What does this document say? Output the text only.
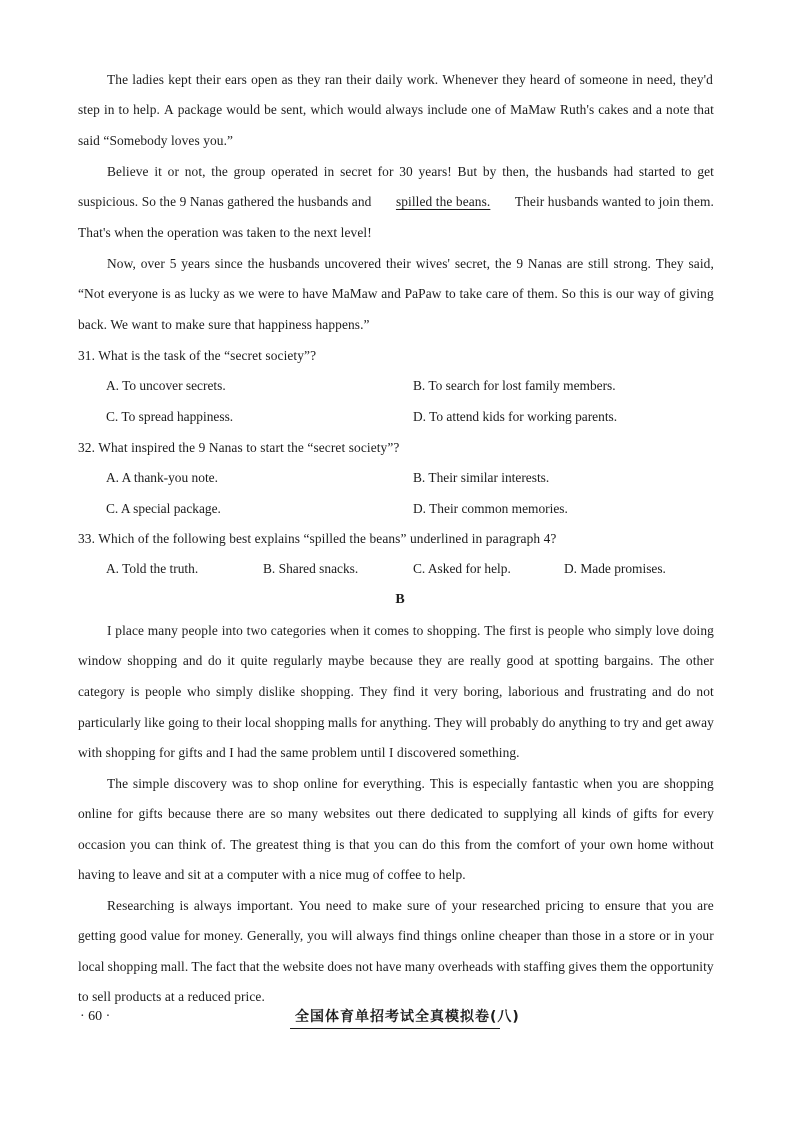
The ladies kept their ears open as they ran their daily work. Whenever they heard of someone in need, they'd
step in to help. A package would be sent, which would always include one of MaMaw Ruth's cakes and a note that
said “Somebody loves you.”
Believe it or not, the group operated in secret for 30 years! But by then, the husbands had started to get
suspicious. So the 9 Nanas gathered the husbands and spilled the beans. Their husbands wanted to join them.
That's when the operation was taken to the next level!
Now, over 5 years since the husbands uncovered their wives' secret, the 9 Nanas are still strong. They said,
“Not everyone is as lucky as we were to have MaMaw and PaPaw to take care of them. So this is our way of giving
back. We want to make sure that happiness happens.”
31. What is the task of the “secret society”?
A. To uncover secrets.	B. To search for lost family members.
C. To spread happiness.	D. To attend kids for working parents.
32. What inspired the 9 Nanas to start the “secret society”?
A. A thank-you note.	B. Their similar interests.
C. A special package.	D. Their common memories.
33. Which of the following best explains “spilled the beans” underlined in paragraph 4?
A. Told the truth.	B. Shared snacks.	C. Asked for help.	D. Made promises.
B
I place many people into two categories when it comes to shopping. The first is people who simply love doing
window shopping and do it quite regularly maybe because they are really good at spotting bargains. The other
category is people who simply dislike shopping. They find it very boring, laborious and frustrating and do not
particularly like going to their local shopping malls for anything. They will probably do anything to try and get away
with shopping for gifts and I had the same problem until I discovered something.
The simple discovery was to shop online for everything. This is especially fantastic when you are shopping
online for gifts because there are so many websites out there dedicated to supplying all kinds of gifts for every
occasion you can think of. The greatest thing is that you can do this from the comfort of your own home without
having to leave and sit at a computer with a nice mug of coffee to help.
Researching is always important. You need to make sure of your researched pricing to ensure that you are
getting good value for money. Generally, you will always find things online cheaper than those in a store or in your
local shopping mall. The fact that the website does not have many overheads with staffing gives them the opportunity
to sell products at a reduced price.
· 60 ·	全国体育单招考试全真模拟卷(八)
